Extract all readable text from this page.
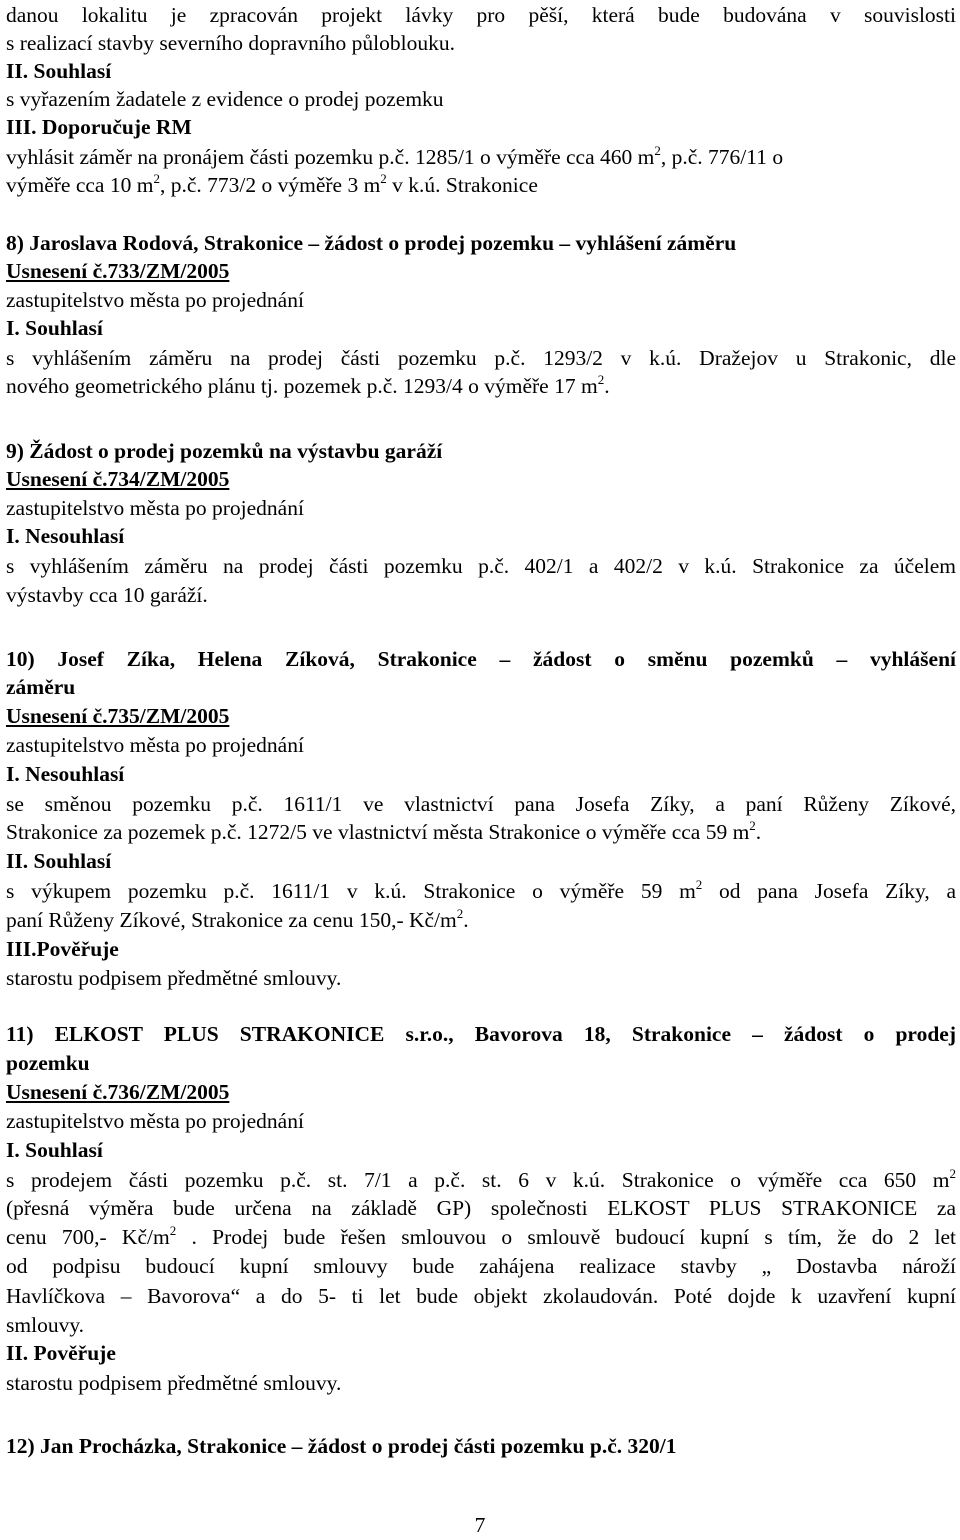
danou lokalitu je zpracován projekt lávky pro pěší, která bude budována v souvislosti
s realizací stavby severního dopravního půloblouku.
II. Souhlasí
s vyřazením žadatele z evidence o prodej pozemku
III. Doporučuje RM
vyhlásit záměr na pronájem části pozemku p.č. 1285/1 o výměře cca 460 $m^2$, p.č. 776/11 o
výměře cca 10 $m^2$, p.č. 773/2 o výměře 3 $m^2$ v k.ú. Strakonice
8) Jaroslava Rodová, Strakonice – žádost o prodej pozemku – vyhlášení záměru
Usnesení č.733/ZM/2005
zastupitelstvo města po projednání
I. Souhlasí
s vyhlášením záměru na prodej části pozemku p.č. 1293/2 v k.ú. Dražejov u Strakonic, dle
nového geometrického plánu tj. pozemek p.č. 1293/4 o výměře 17 $m^2$.
9) Žádost o prodej pozemků na výstavbu garáží
Usnesení č.734/ZM/2005
zastupitelstvo města po projednání
I. Nesouhlasí
s vyhlášením záměru na prodej části pozemku p.č. 402/1 a 402/2 v k.ú. Strakonice za účelem
výstavby cca 10 garáží.
10) Josef Zíka, Helena Zíková, Strakonice – žádost o směnu pozemků – vyhlášení
záměru
Usnesení č.735/ZM/2005
zastupitelstvo města po projednání
I. Nesouhlasí
se směnou pozemku p.č. 1611/1 ve vlastnictví pana Josefa Zíky, a paní Růženy Zíkové,
Strakonice za pozemek p.č. 1272/5 ve vlastnictví města Strakonice o výměře cca 59 $m^2$.
II. Souhlasí
s výkupem pozemku p.č. 1611/1 v k.ú. Strakonice o výměře 59 $m^2$ od pana Josefa Zíky, a
paní Růženy Zíkové, Strakonice za cenu 150,- $Kč/m^2$.
III.Pověřuje
starostu podpisem předmětné smlouvy.
11) ELKOST PLUS STRAKONICE s.r.o., Bavorova 18, Strakonice – žádost o prodej
pozemku
Usnesení č.736/ZM/2005
zastupitelstvo města po projednání
I. Souhlasí
s prodejem části pozemku p.č. st. 7/1 a p.č. st. 6 v k.ú. Strakonice o výměře cca 650 $m^2$
(přesná výměra bude určena na základě GP) společnosti ELKOST PLUS STRAKONICE za
cenu 700,- $Kč/m^2$ . Prodej bude řešen smlouvou o smlouvě budoucí kupní s tím, že do 2 let
od podpisu budoucí kupní smlouvy bude zahájena realizace stavby „ Dostavba nároží
Havlíčkova – Bavorova“ a do 5- ti let bude objekt zkolaudován. Poté dojde k uzavření kupní
smlouvy.
II. Pověřuje
starostu podpisem předmětné smlouvy.
12) Jan Procházka, Strakonice – žádost o prodej části pozemku p.č. 320/1
7
